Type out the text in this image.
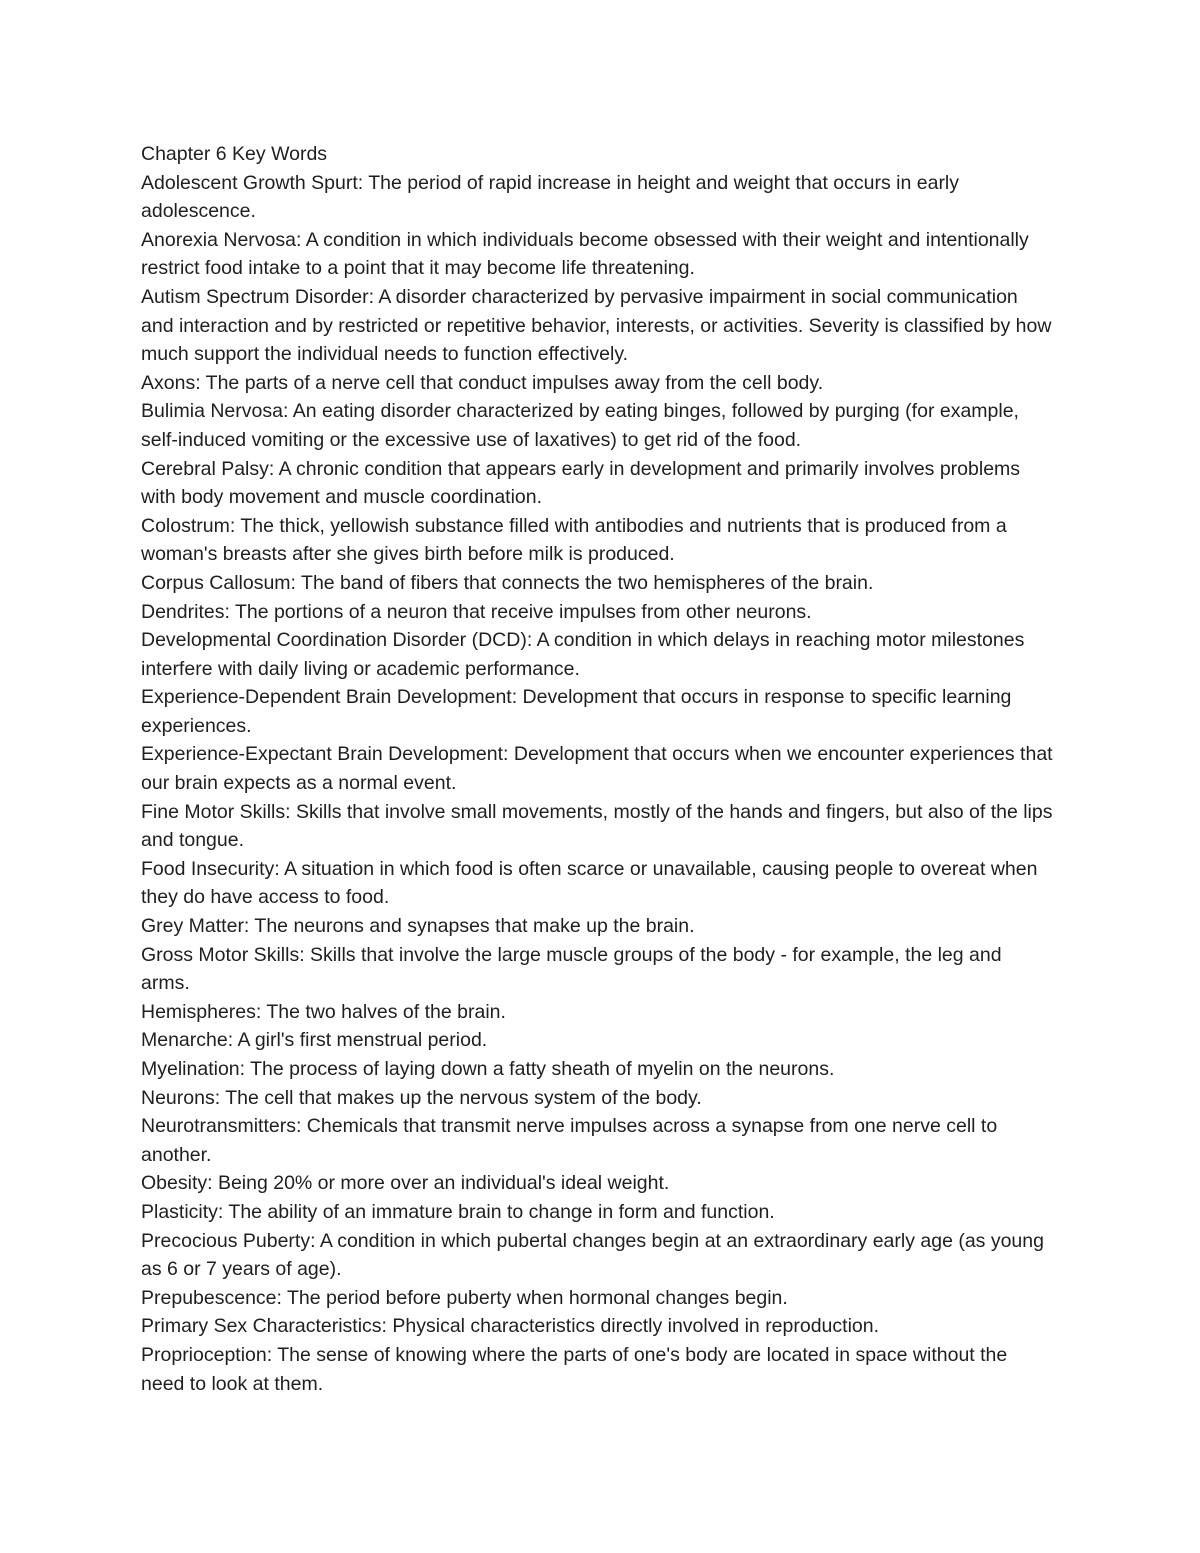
Chapter 6 Key Words

Adolescent Growth Spurt: The period of rapid increase in height and weight that occurs in early adolescence.

Anorexia Nervosa: A condition in which individuals become obsessed with their weight and intentionally restrict food intake to a point that it may become life threatening.

Autism Spectrum Disorder: A disorder characterized by pervasive impairment in social communication and interaction and by restricted or repetitive behavior, interests, or activities. Severity is classified by how much support the individual needs to function effectively.

Axons: The parts of a nerve cell that conduct impulses away from the cell body.

Bulimia Nervosa: An eating disorder characterized by eating binges, followed by purging (for example, self-induced vomiting or the excessive use of laxatives) to get rid of the food.

Cerebral Palsy: A chronic condition that appears early in development and primarily involves problems with body movement and muscle coordination.

Colostrum: The thick, yellowish substance filled with antibodies and nutrients that is produced from a woman's breasts after she gives birth before milk is produced.

Corpus Callosum: The band of fibers that connects the two hemispheres of the brain.

Dendrites: The portions of a neuron that receive impulses from other neurons.

Developmental Coordination Disorder (DCD): A condition in which delays in reaching motor milestones interfere with daily living or academic performance.

Experience-Dependent Brain Development: Development that occurs in response to specific learning experiences.

Experience-Expectant Brain Development: Development that occurs when we encounter experiences that our brain expects as a normal event.

Fine Motor Skills: Skills that involve small movements, mostly of the hands and fingers, but also of the lips and tongue.

Food Insecurity: A situation in which food is often scarce or unavailable, causing people to overeat when they do have access to food.

Grey Matter: The neurons and synapses that make up the brain.

Gross Motor Skills: Skills that involve the large muscle groups of the body - for example, the leg and arms.

Hemispheres: The two halves of the brain.

Menarche: A girl's first menstrual period.

Myelination: The process of laying down a fatty sheath of myelin on the neurons.

Neurons: The cell that makes up the nervous system of the body.

Neurotransmitters: Chemicals that transmit nerve impulses across a synapse from one nerve cell to another.

Obesity: Being 20% or more over an individual's ideal weight.

Plasticity: The ability of an immature brain to change in form and function.

Precocious Puberty: A condition in which pubertal changes begin at an extraordinary early age (as young as 6 or 7 years of age).

Prepubescence: The period before puberty when hormonal changes begin.

Primary Sex Characteristics: Physical characteristics directly involved in reproduction.

Proprioception: The sense of knowing where the parts of one's body are located in space without the need to look at them.
